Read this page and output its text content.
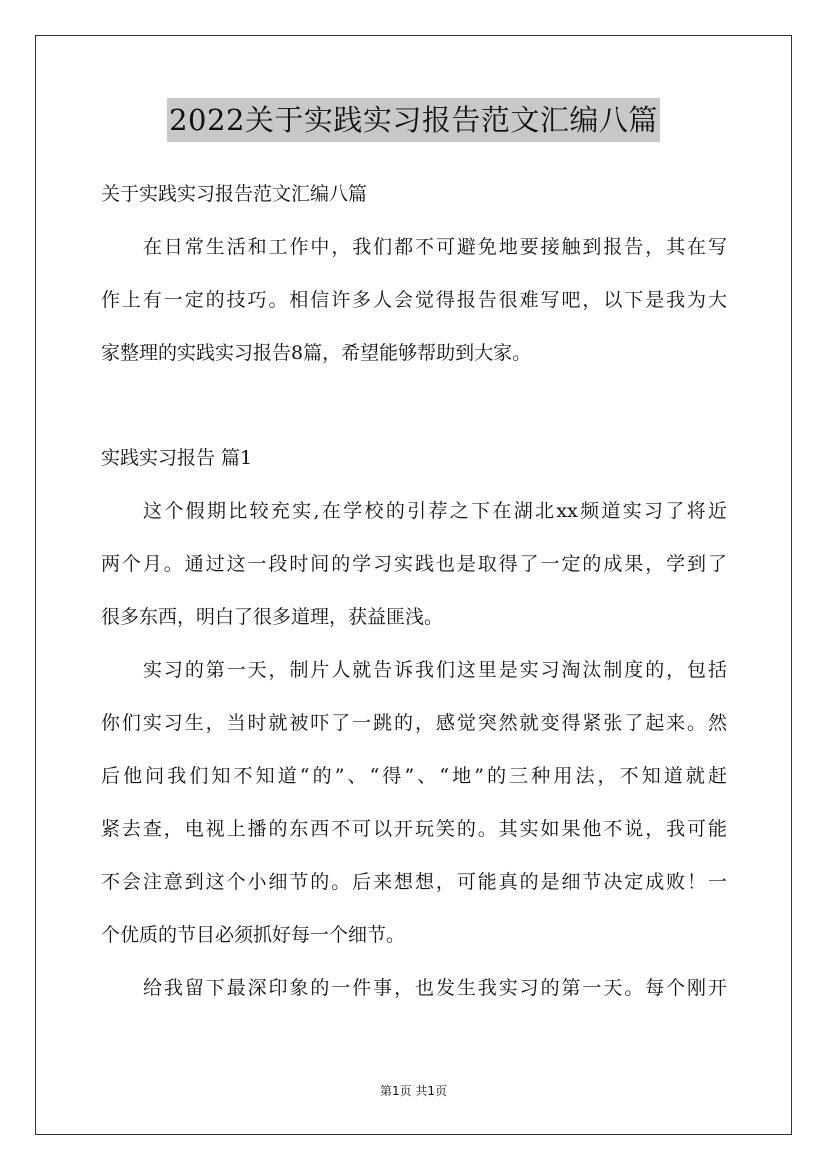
2022关于实践实习报告范文汇编八篇
关于实践实习报告范文汇编八篇
在日常生活和工作中，我们都不可避免地要接触到报告，其在写
作上有一定的技巧。相信许多人会觉得报告很难写吧，以下是我为大
家整理的实践实习报告8篇，希望能够帮助到大家。
实践实习报告 篇1
这个假期比较充实,在学校的引荐之下在湖北xx频道实习了将近
两个月。通过这一段时间的学习实践也是取得了一定的成果，学到了
很多东西，明白了很多道理，获益匪浅。
实习的第一天，制片人就告诉我们这里是实习淘汰制度的，包括
你们实习生，当时就被吓了一跳的，感觉突然就变得紧张了起来。然
后他问我们知不知道“的”、“得”、“地”的三种用法，不知道就赶
紧去查，电视上播的东西不可以开玩笑的。其实如果他不说，我可能
不会注意到这个小细节的。后来想想，可能真的是细节决定成败！一
个优质的节目必须抓好每一个细节。
给我留下最深印象的一件事，也发生我实习的第一天。每个刚开
第1页 共1页
